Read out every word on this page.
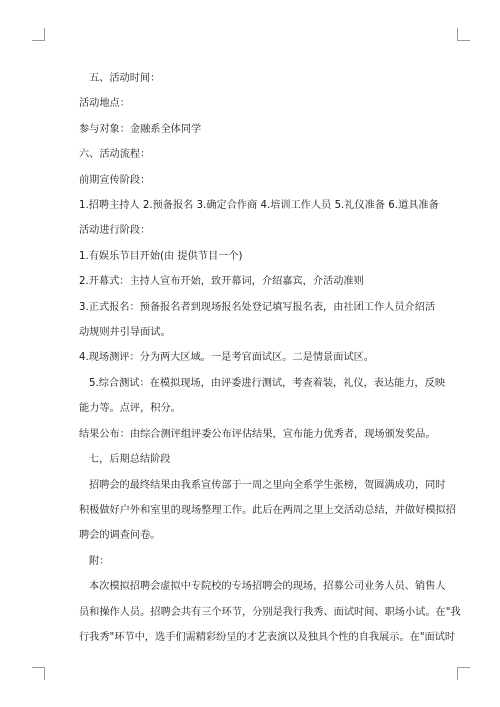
五、活动时间：

活动地点：

参与对象：金融系全体同学

六、活动流程：

前期宣传阶段：

1.招聘主持人 2.预备报名 3.确定合作商 4.培训工作人员 5.礼仪准备 6.道具准备

活动进行阶段：

1.有娱乐节目开始(由 提供节目一个)

2.开幕式：主持人宣布开始，致开幕词，介绍嘉宾，介活动准则

3.正式报名：预备报名者到现场报名处登记填写报名表，由社团工作人员介绍活

动规则并引导面试。

4.现场测评：分为两大区域。一是考官面试区。二是情景面试区。

5.综合测试：在模拟现场，由评委进行测试，考查着装，礼仪，表达能力，反映

能力等。点评，积分。

结果公布：由综合测评组评委公布评估结果，宣布能力优秀者，现场颁发奖品。

七，后期总结阶段

招聘会的最终结果由我系宣传部于一周之里向全系学生张榜，贺圆满成功，同时

积极做好户外和室里的现场整理工作。此后在两周之里上交活动总结，并做好模拟招

聘会的调查问卷。

附：

本次模拟招聘会虚拟中专院校的专场招聘会的现场，招募公司业务人员、销售人

员和操作人员。招聘会共有三个环节，分别是我行我秀、面试时间、职场小试。在"我

行我秀"环节中，选手们需精彩纷呈的才艺表演以及独具个性的自我展示。在"面试时
